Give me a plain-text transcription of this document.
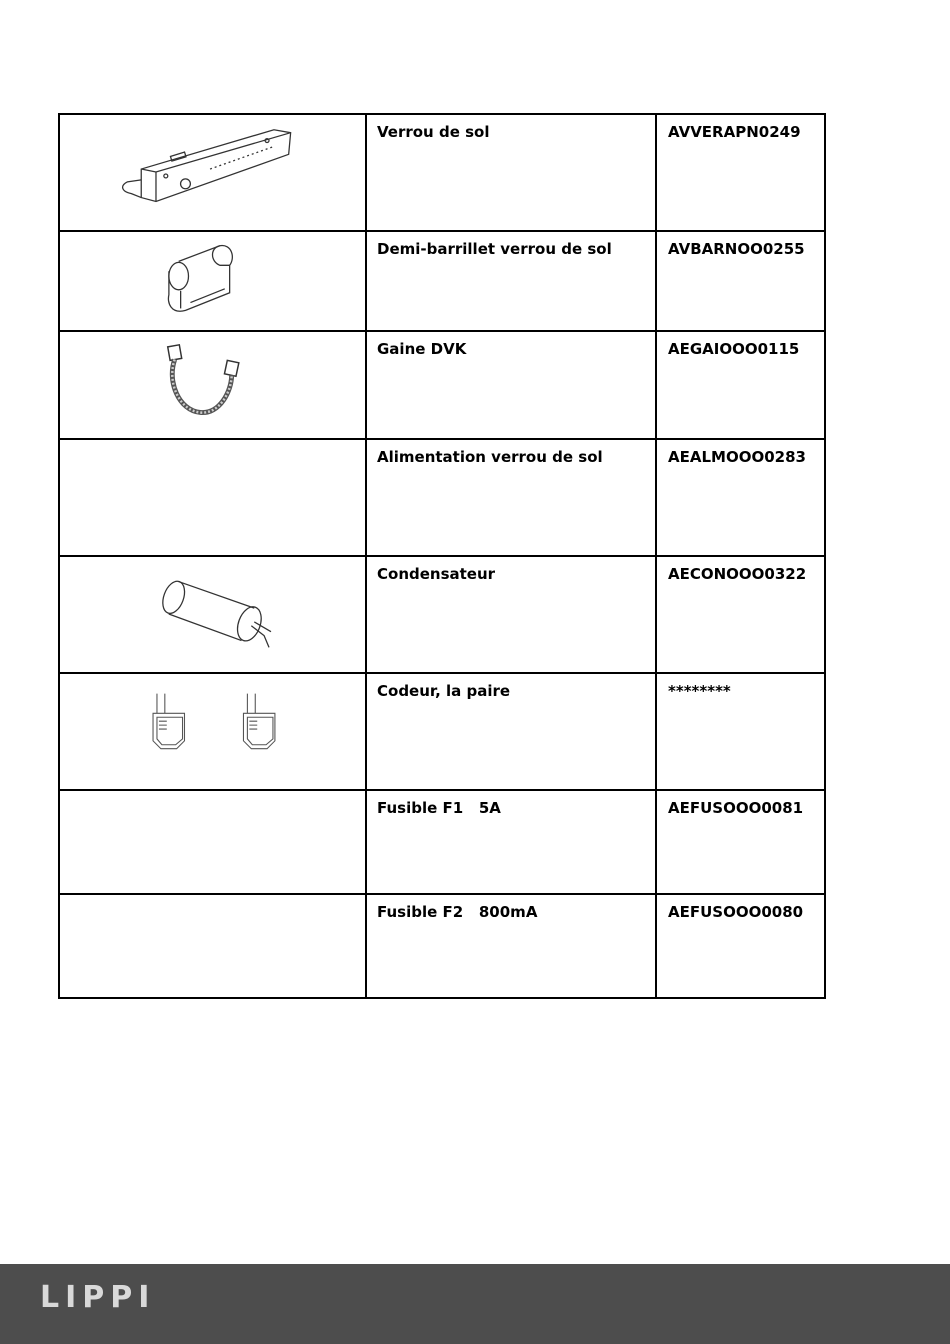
	Verrou de sol	AVVERAPN0249

	Demi-barrillet verrou de sol	AVBARNOO0255

	Gaine DVK	AEGAIOOO0115
	Alimentation verrou de sol	AEALMOOO0283

	Condensateur	AECONOOO0322

	Codeur, la paire	********
	Fusible F1   5A	AEFUSOOO0081
	Fusible F2   800mA	AEFUSOOO0080
LIPPI
